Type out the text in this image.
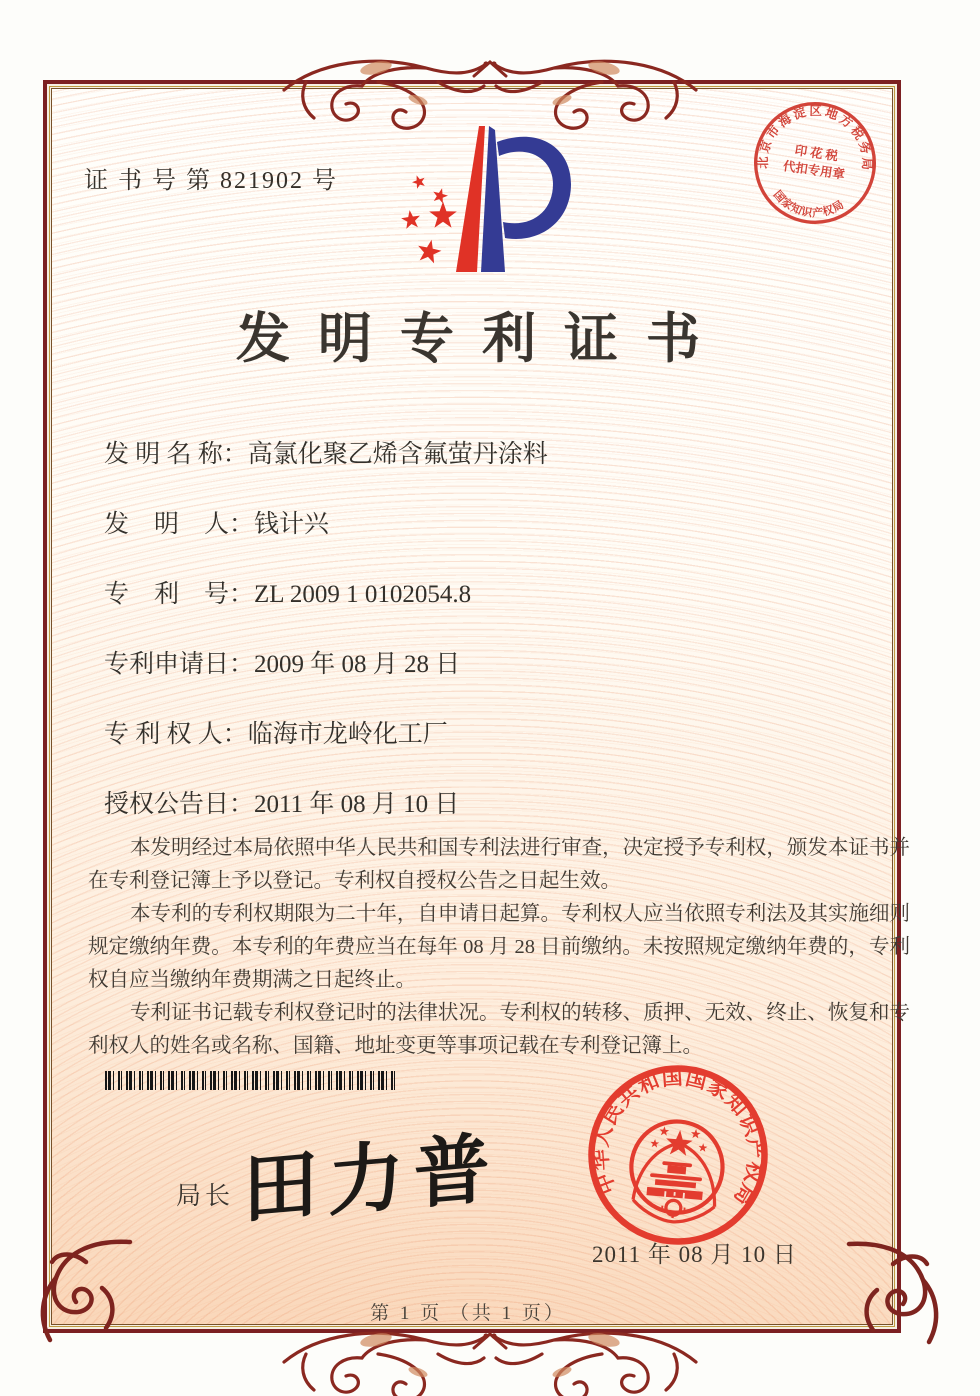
证 书 号 第 821902 号
北京市海淀区地方税务局
印 花 税
代扣专用章
国家知识产权局
发明专利证书
发 明 名 称：高氯化聚乙烯含氟萤丹涂料
发　明　人：钱计兴
专　利　号：ZL 2009 1 0102054.8
专利申请日：2009 年 08 月 28 日
专 利 权 人：临海市龙岭化工厂
授权公告日：2011 年 08 月 10 日

本发明经过本局依照中华人民共和国专利法进行审查，决定授予专利权，颁发本证书并在专利登记簿上予以登记。专利权自授权公告之日起生效。

本专利的专利权期限为二十年，自申请日起算。专利权人应当依照专利法及其实施细则规定缴纳年费。本专利的年费应当在每年 08 月 28 日前缴纳。未按照规定缴纳年费的，专利权自应当缴纳年费期满之日起终止。

专利证书记载专利权登记时的法律状况。专利权的转移、质押、无效、终止、恢复和专利权人的姓名或名称、国籍、地址变更等事项记载在专利登记簿上。

中华人民共和国国家知识产权局
局长 田力普
2011 年 08 月 10 日
第 1 页 （共 1 页）
